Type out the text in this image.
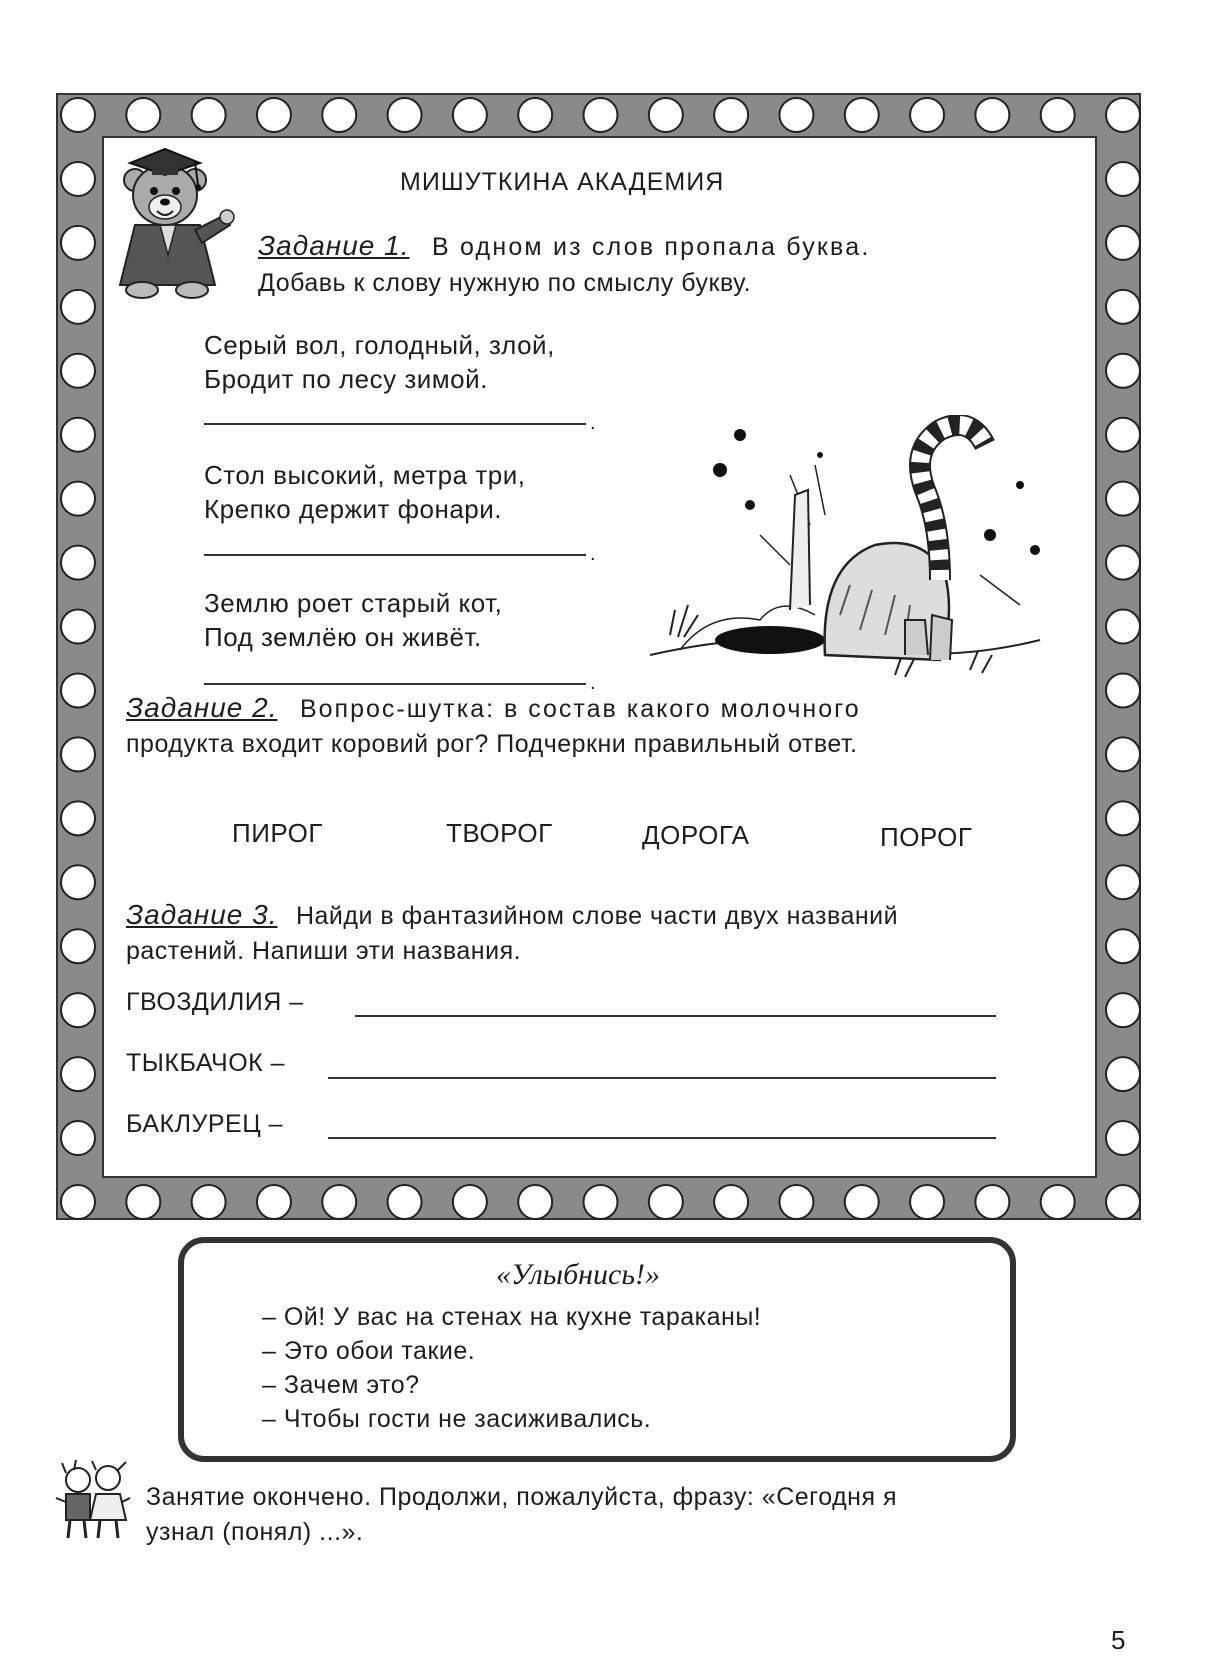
МИШУТКИНА АКАДЕМИЯ
Задание 1. В одном из слов пропала буква.
Добавь к слову нужную по смыслу букву.
Серый вол, голодный, злой,
Бродит по лесу зимой.
.
Стол высокий, метра три,
Крепко держит фонари.
.
Землю роет старый кот,
Под землёю он живёт.
.
Задание 2. Вопрос-шутка: в состав какого молочного
продукта входит коровий рог? Подчеркни правильный ответ.
ПИРОГ	ТВОРОГ	ДОРОГА	ПОРОГ
Задание 3. Найди в фантазийном слове части двух названий
растений. Напиши эти названия.
ГВОЗДИЛИЯ –
ТЫКБАЧОК –
БАКЛУРЕЦ –
«Улыбнись!»
– Ой! У вас на стенах на кухне тараканы!
– Это обои такие.
– Зачем это?
– Чтобы гости не засиживались.
Занятие окончено. Продолжи, пожалуйста, фразу: «Сегодня я
узнал (понял) ...».
5
